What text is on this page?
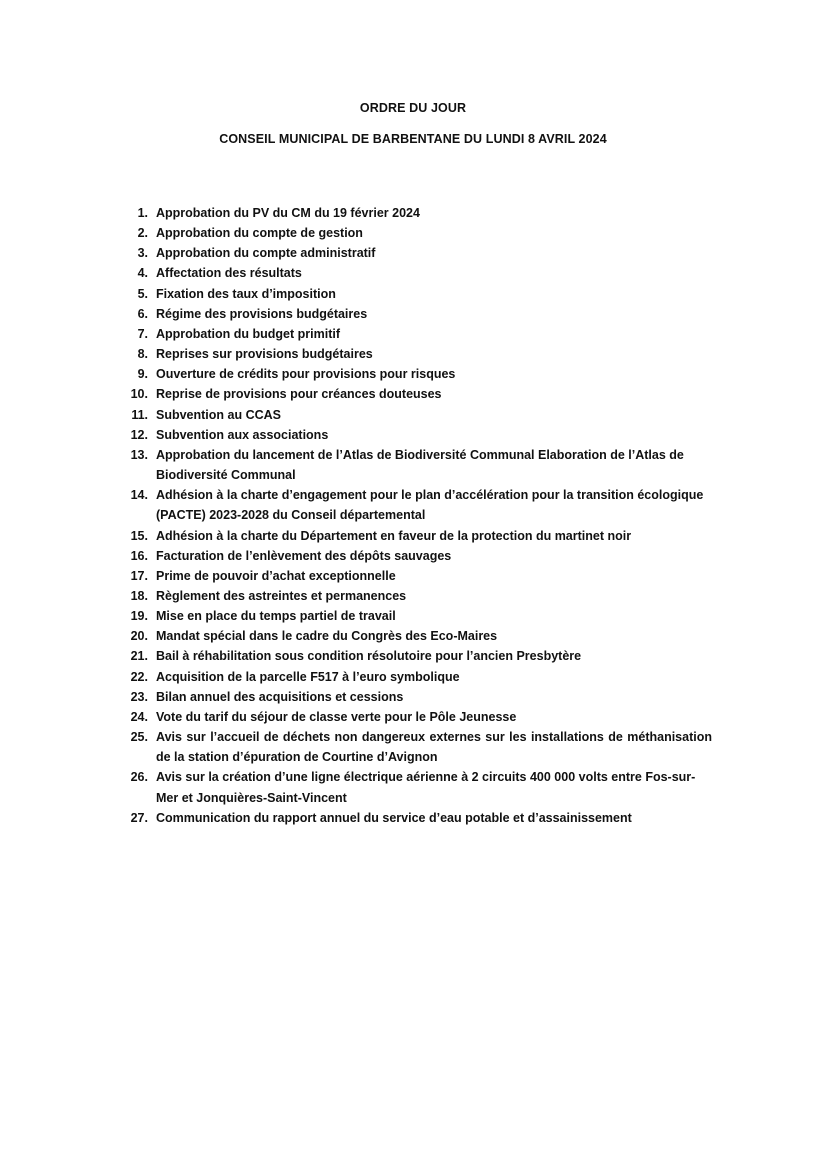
ORDRE DU JOUR
CONSEIL MUNICIPAL DE BARBENTANE DU LUNDI 8 AVRIL 2024
1. Approbation du PV du CM du 19 février 2024
2. Approbation du compte de gestion
3. Approbation du compte administratif
4. Affectation des résultats
5. Fixation des taux d’imposition
6. Régime des provisions budgétaires
7. Approbation du budget primitif
8. Reprises sur provisions budgétaires
9. Ouverture de crédits pour provisions pour risques
10. Reprise de provisions pour créances douteuses
11. Subvention au CCAS
12. Subvention aux associations
13. Approbation du lancement de l’Atlas de Biodiversité Communal Elaboration de l’Atlas de Biodiversité Communal
14. Adhésion à la charte d’engagement pour le plan d’accélération pour la transition écologique (PACTE) 2023-2028 du Conseil départemental
15. Adhésion à la charte du Département en faveur de la protection du martinet noir
16. Facturation de l’enlèvement des dépôts sauvages
17. Prime de pouvoir d’achat exceptionnelle
18. Règlement des astreintes et permanences
19. Mise en place du temps partiel de travail
20. Mandat spécial dans le cadre du Congrès des Eco-Maires
21. Bail à réhabilitation sous condition résolutoire pour l’ancien Presbytère
22. Acquisition de la parcelle F517 à l’euro symbolique
23. Bilan annuel des acquisitions et cessions
24. Vote du tarif du séjour de classe verte pour le Pôle Jeunesse
25. Avis sur l’accueil de déchets non dangereux externes sur les installations de méthanisation de la station d’épuration de Courtine d’Avignon
26. Avis sur la création d’une ligne électrique aérienne à 2 circuits 400 000 volts entre Fos-sur-Mer et Jonquières-Saint-Vincent
27. Communication du rapport annuel du service d’eau potable et d’assainissement
